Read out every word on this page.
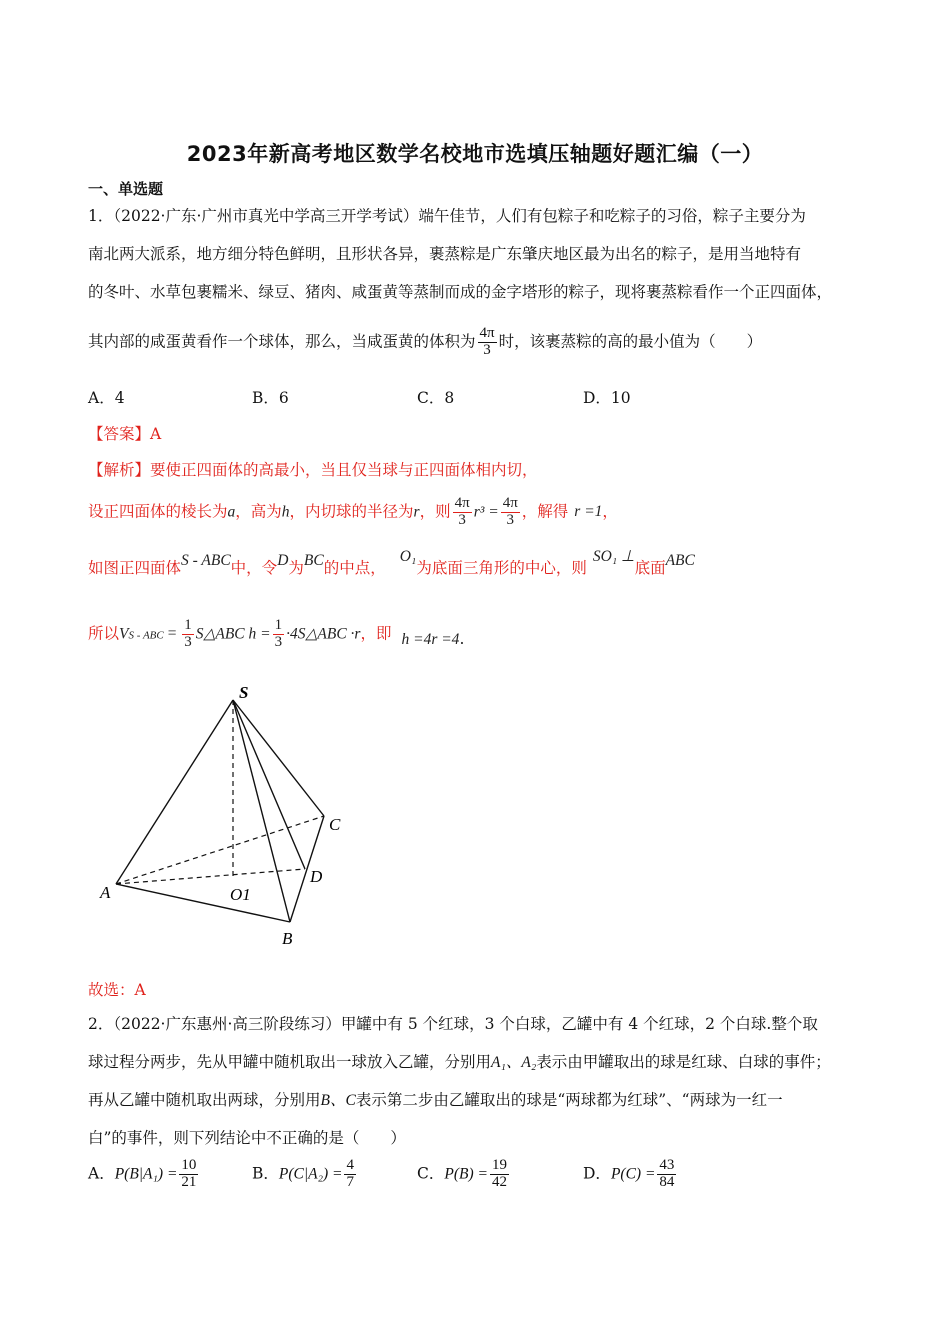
2023年新高考地区数学名校地市选填压轴题好题汇编（一）
一、单选题
1．（2022·广东·广州市真光中学高三开学考试）端午佳节，人们有包粽子和吃粽子的习俗，粽子主要分为
南北两大派系，地方细分特色鲜明，且形状各异，裹蒸粽是广东肇庆地区最为出名的粽子，是用当地特有
的冬叶、水草包裹糯米、绿豆、猪肉、咸蛋黄等蒸制而成的金字塔形的粽子，现将裹蒸粽看作一个正四面体，
其内部的咸蛋黄看作一个球体，那么，当咸蛋黄的体积为 $\frac{4\pi}{3}$ 时，该裹蒸粽的高的最小值为（　　）
A．4	B．6	C．8	D．10
【答案】A
【解析】要使正四面体的高最小，当且仅当球与正四面体相内切，
设正四面体的棱长为a，高为h，内切球的半径为r，则 $\frac{4\pi}{3} r^3 = \frac{4\pi}{3}$ ，解得 r =1，
如图正四面体S - ABC中，令D为BC的中点，O₁为底面三角形的中心，则SO₁ ⊥底面ABC
所以VS - ABC = $\frac{1}{3}$ S△ABC $h = \frac{1}{3}$ ·4S△ABC ·r，即 h =4r =4.
S
C
D
A	O1
B
故选：A
2．（2022·广东惠州·高三阶段练习）甲罐中有 5 个红球，3 个白球，乙罐中有 4 个红球，2 个白球.整个取
球过程分两步，先从甲罐中随机取出一球放入乙罐，分别用A₁、A₂表示由甲罐取出的球是红球、白球的事件；
再从乙罐中随机取出两球，分别用B、C表示第二步由乙罐取出的球是“两球都为红球”、“两球为一红一
白”的事件，则下列结论中不正确的是（　　）
A．$P(B|A_1) = \frac{10}{21}$	B．$P(C|A_2) = \frac{4}{7}$	C．$P(B) = \frac{19}{42}$	D．$P(C) = \frac{43}{84}$
